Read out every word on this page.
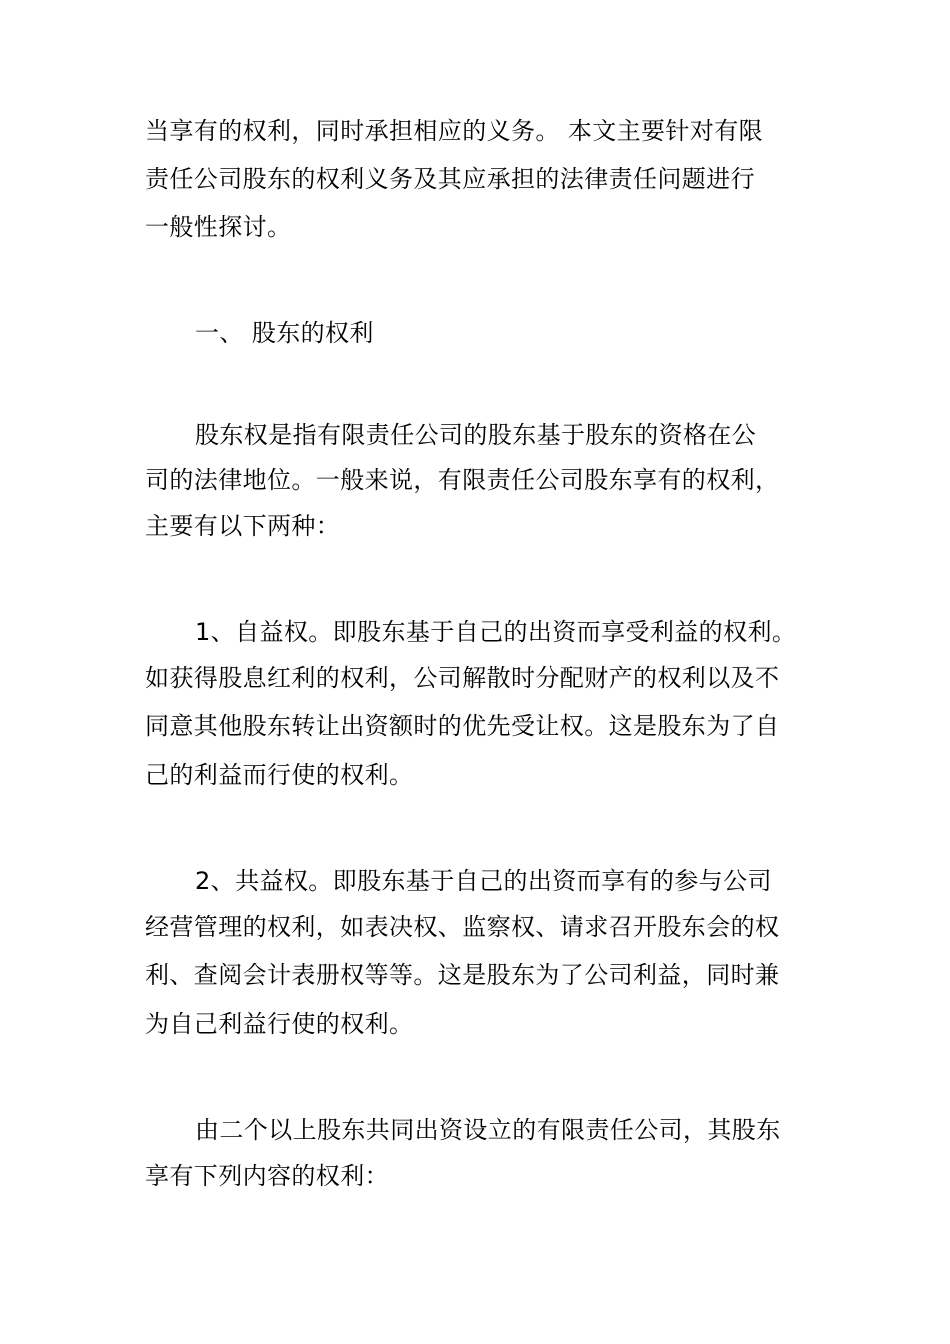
当享有的权利，同时承担相应的义务。 本文主要针对有限
责任公司股东的权利义务及其应承担的法律责任问题进行
一般性探讨。
一、 股东的权利
股东权是指有限责任公司的股东基于股东的资格在公
司的法律地位。一般来说，有限责任公司股东享有的权利，
主要有以下两种：
1、自益权。即股东基于自己的出资而享受利益的权利。
如获得股息红利的权利，公司解散时分配财产的权利以及不
同意其他股东转让出资额时的优先受让权。这是股东为了自
己的利益而行使的权利。
2、共益权。即股东基于自己的出资而享有的参与公司
经营管理的权利，如表决权、监察权、请求召开股东会的权
利、查阅会计表册权等等。这是股东为了公司利益，同时兼
为自己利益行使的权利。
由二个以上股东共同出资设立的有限责任公司，其股东
享有下列内容的权利：
